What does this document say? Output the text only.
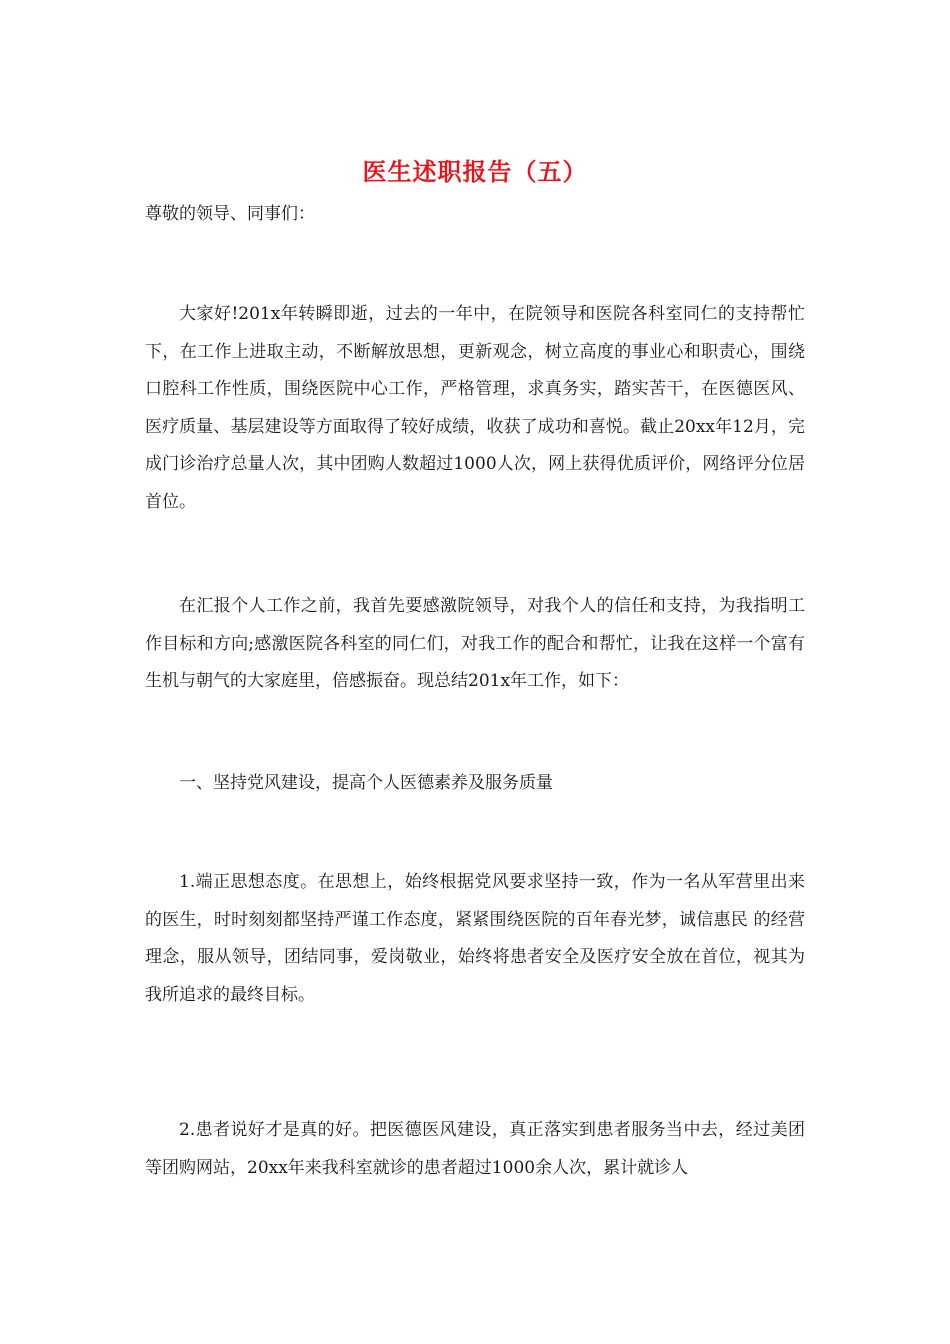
医生述职报告（五）
尊敬的领导、同事们：

大家好!201x年转瞬即逝，过去的一年中，在院领导和医院各科室同仁的支持帮忙下，在工作上进取主动，不断解放思想，更新观念，树立高度的事业心和职责心，围绕口腔科工作性质，围绕医院中心工作，严格管理，求真务实，踏实苦干，在医德医风、医疗质量、基层建设等方面取得了较好成绩，收获了成功和喜悦。截止20xx年12月，完成门诊治疗总量人次，其中团购人数超过1000人次，网上获得优质评价，网络评分位居首位。

在汇报个人工作之前，我首先要感激院领导，对我个人的信任和支持，为我指明工作目标和方向;感激医院各科室的同仁们，对我工作的配合和帮忙，让我在这样一个富有生机与朝气的大家庭里，倍感振奋。现总结201x年工作，如下：

一、坚持党风建设，提高个人医德素养及服务质量

1.端正思想态度。在思想上，始终根据党风要求坚持一致，作为一名从军营里出来的医生，时时刻刻都坚持严谨工作态度，紧紧围绕医院的百年春光梦，诚信惠民 的经营理念，服从领导，团结同事，爱岗敬业，始终将患者安全及医疗安全放在首位，视其为我所追求的最终目标。

2.患者说好才是真的好。把医德医风建设，真正落实到患者服务当中去，经过美团等团购网站，20xx年来我科室就诊的患者超过1000余人次，累计就诊人
